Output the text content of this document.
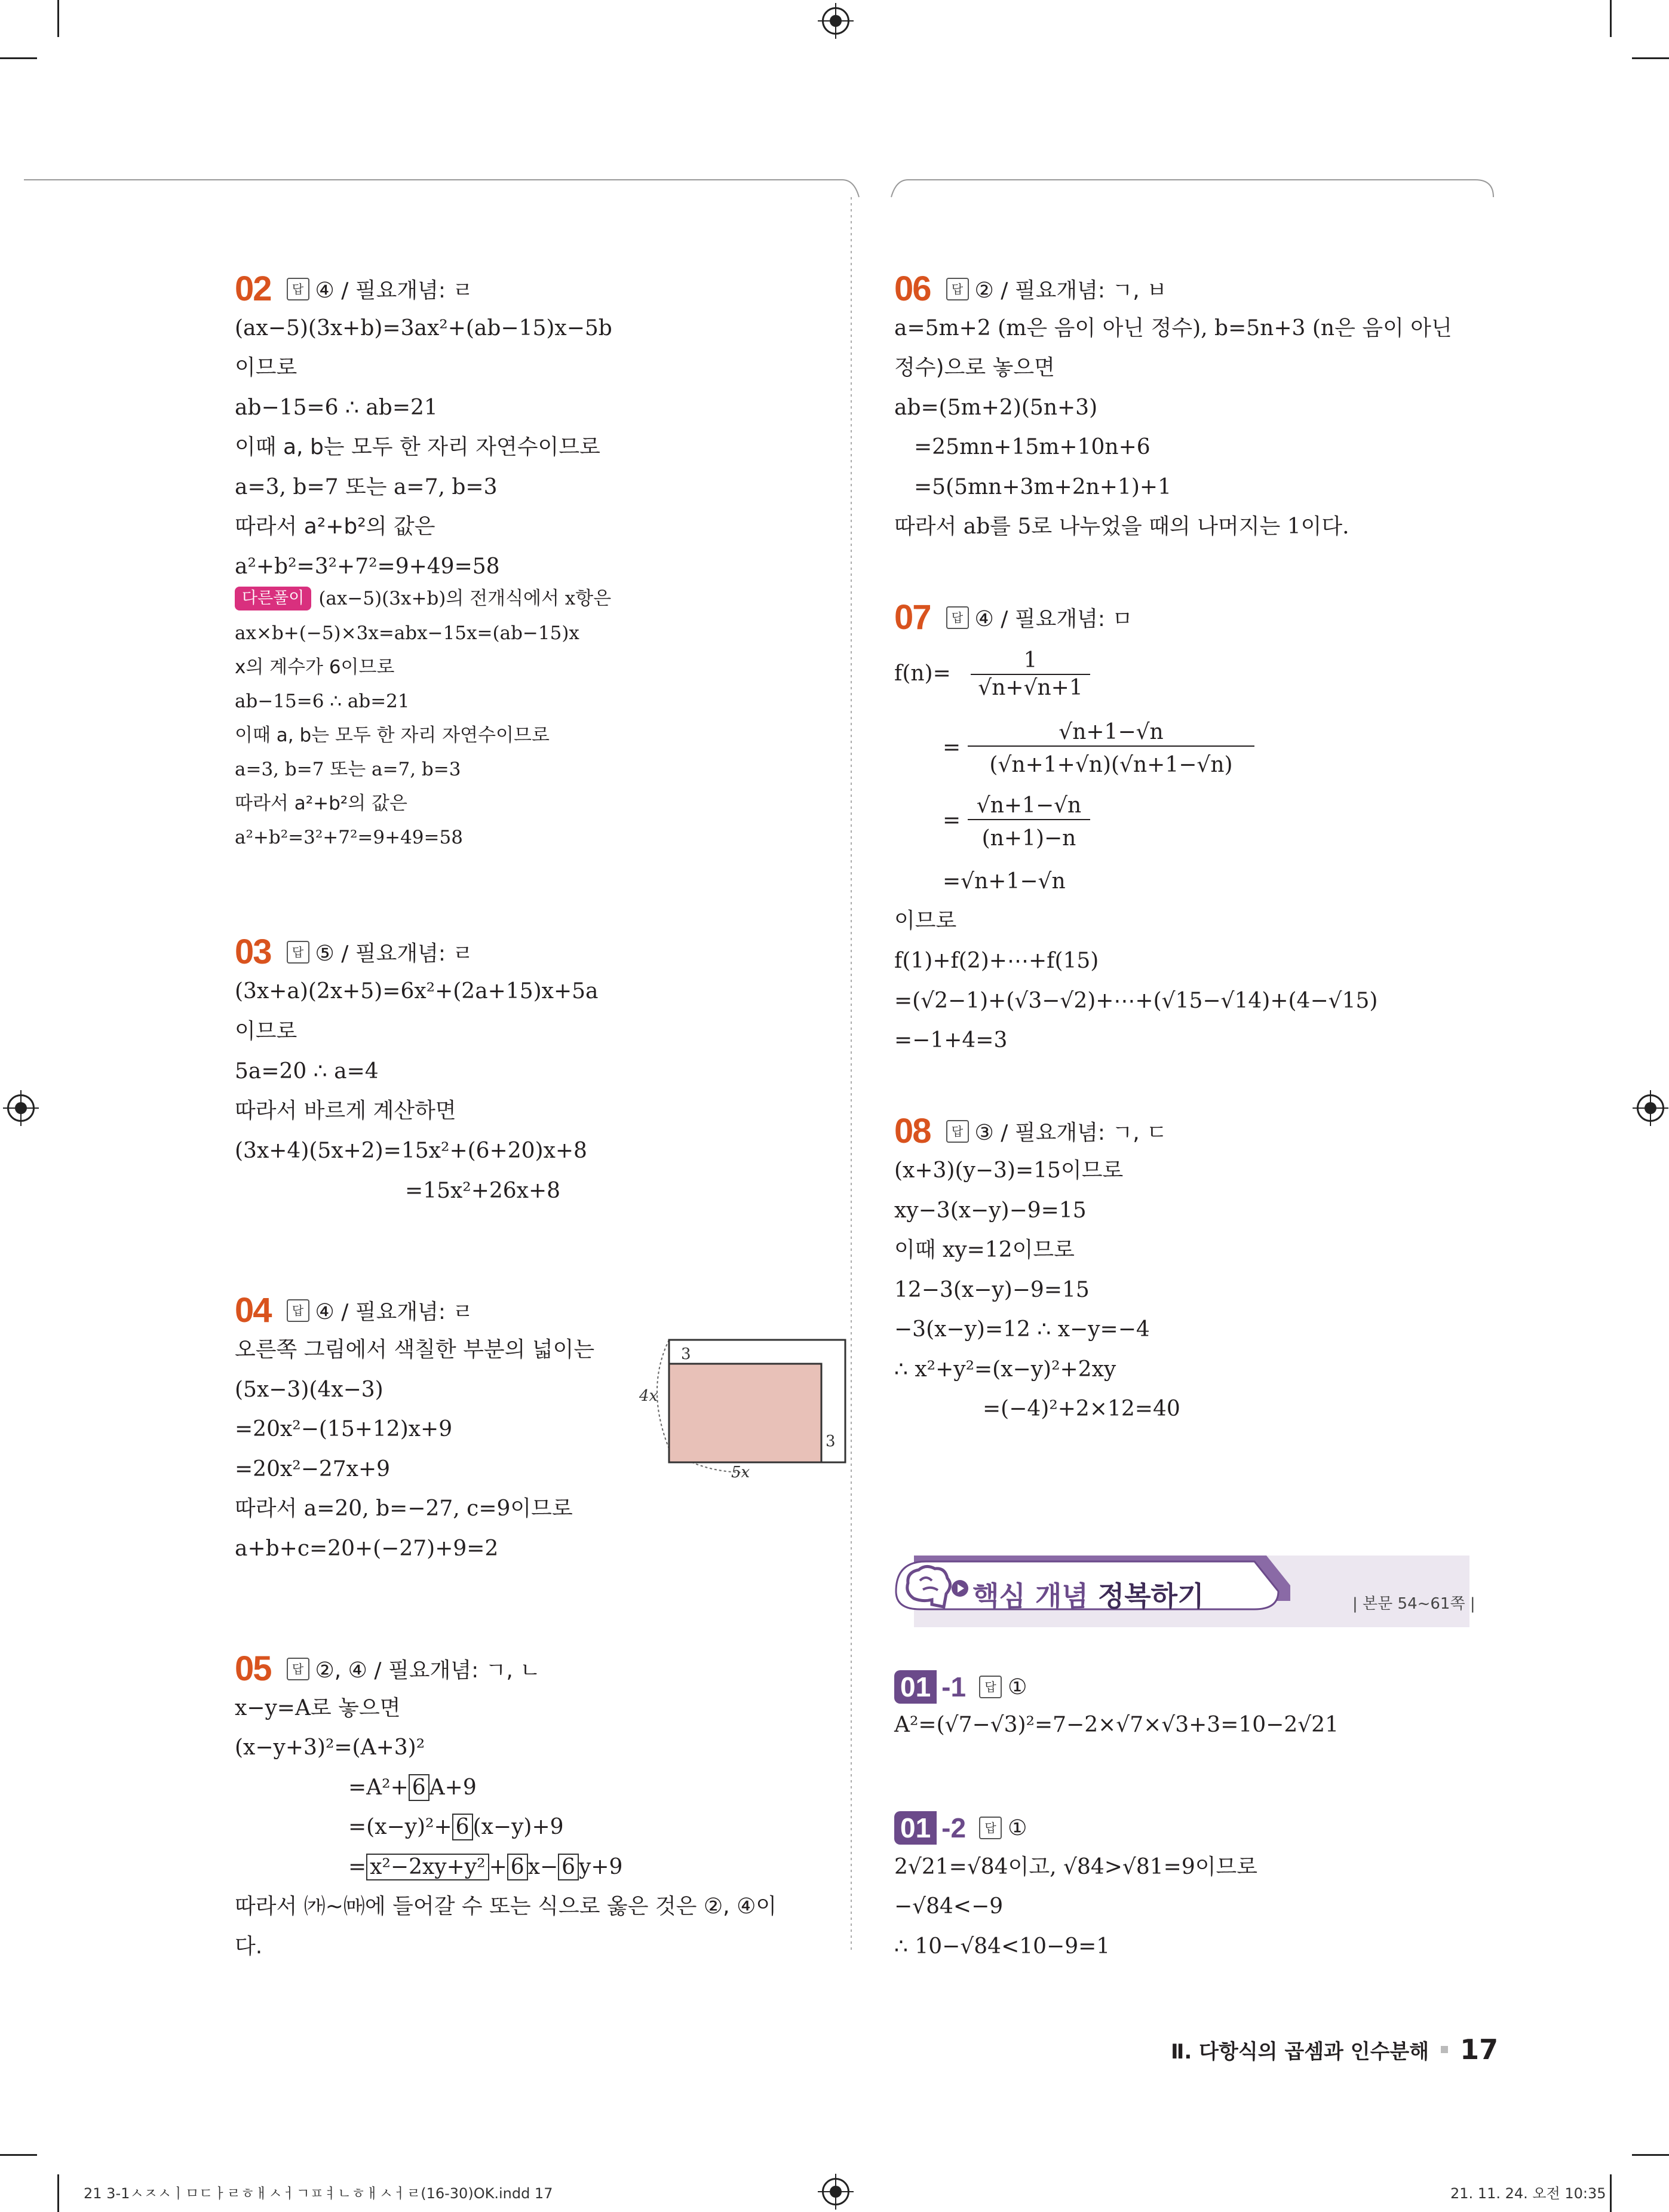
02	답 ④ / 필요개념: ㄹ
(ax−5)(3x+b)=3ax²+(ab−15)x−5b
이므로
ab−15=6 ∴ ab=21
이때 a, b는 모두 한 자리 자연수이므로
a=3, b=7 또는 a=7, b=3
따라서 a²+b²의 값은
a²+b²=3²+7²=9+49=58
다른풀이 (ax−5)(3x+b)의 전개식에서 x항은
ax×b+(−5)×3x=abx−15x=(ab−15)x
x의 계수가 6이므로
ab−15=6 ∴ ab=21
이때 a, b는 모두 한 자리 자연수이므로
a=3, b=7 또는 a=7, b=3
따라서 a²+b²의 값은
a²+b²=3²+7²=9+49=58
03	답 ⑤ / 필요개념: ㄹ
(3x+a)(2x+5)=6x²+(2a+15)x+5a
이므로
5a=20 ∴ a=4
따라서 바르게 계산하면
(3x+4)(5x+2)=15x²+(6+20)x+8
=15x²+26x+8
04	답 ④ / 필요개념: ㄹ
오른쪽 그림에서 색칠한 부분의 넓이는
(5x−3)(4x−3)
=20x²−(15+12)x+9
=20x²−27x+9
따라서 a=20, b=−27, c=9이므로
a+b+c=20+(−27)+9=2
3
4x
3
5x
05	답 ②, ④ / 필요개념: ㄱ, ㄴ
x−y=A로 놓으면
(x−y+3)²=(A+3)²
=A²+ 6 A+9
=(x−y)²+ 6 (x−y)+9
= x²−2xy+y² + 6 x− 6 y+9
따라서 ㈎~㈒에 들어갈 수 또는 식으로 옳은 것은 ②, ④이
다.
06	답 ② / 필요개념: ㄱ, ㅂ
a=5m+2 (m은 음이 아닌 정수), b=5n+3 (n은 음이 아닌
정수)으로 놓으면
ab=(5m+2)(5n+3)
=25mn+15m+10n+6
=5(5mn+3m+2n+1)+1
따라서 ab를 5로 나누었을 때의 나머지는 1이다.
07	답 ④ / 필요개념: ㅁ
f(n)=
1
√n+√n+1
=
√n+1−√n
(√n+1+√n)(√n+1−√n)
=
√n+1−√n
(n+1)−n
=√n+1−√n
이므로
f(1)+f(2)+⋯+f(15)
=(√2−1)+(√3−√2)+⋯+(√15−√14)+(4−√15)
=−1+4=3
08	답 ③ / 필요개념: ㄱ, ㄷ
(x+3)(y−3)=15이므로
xy−3(x−y)−9=15
이때 xy=12이므로
12−3(x−y)−9=15
−3(x−y)=12 ∴ x−y=−4
∴ x²+y²=(x−y)²+2xy
=(−4)²+2×12=40
핵심 개념 정복하기	| 본문 54~61쪽 |
01 -1	답 ①
A²=(√7−√3)²=7−2×√7×√3+3=10−2√21
01 -2	답 ①
2√21=√84이고, √84>√81=9이므로
−√84<−9
∴ 10−√84<10−9=1
Ⅱ. 다항식의 곱셈과 인수분해 17
21 3-1ㅅㅈㅅㅣㅁㄷㅏㄹㅎㅐㅅㅓㄱㅍㅕㄴㅎㅐㅅㅓㄹ(16-30)OK.indd 17	21. 11. 24. 오전 10:35
